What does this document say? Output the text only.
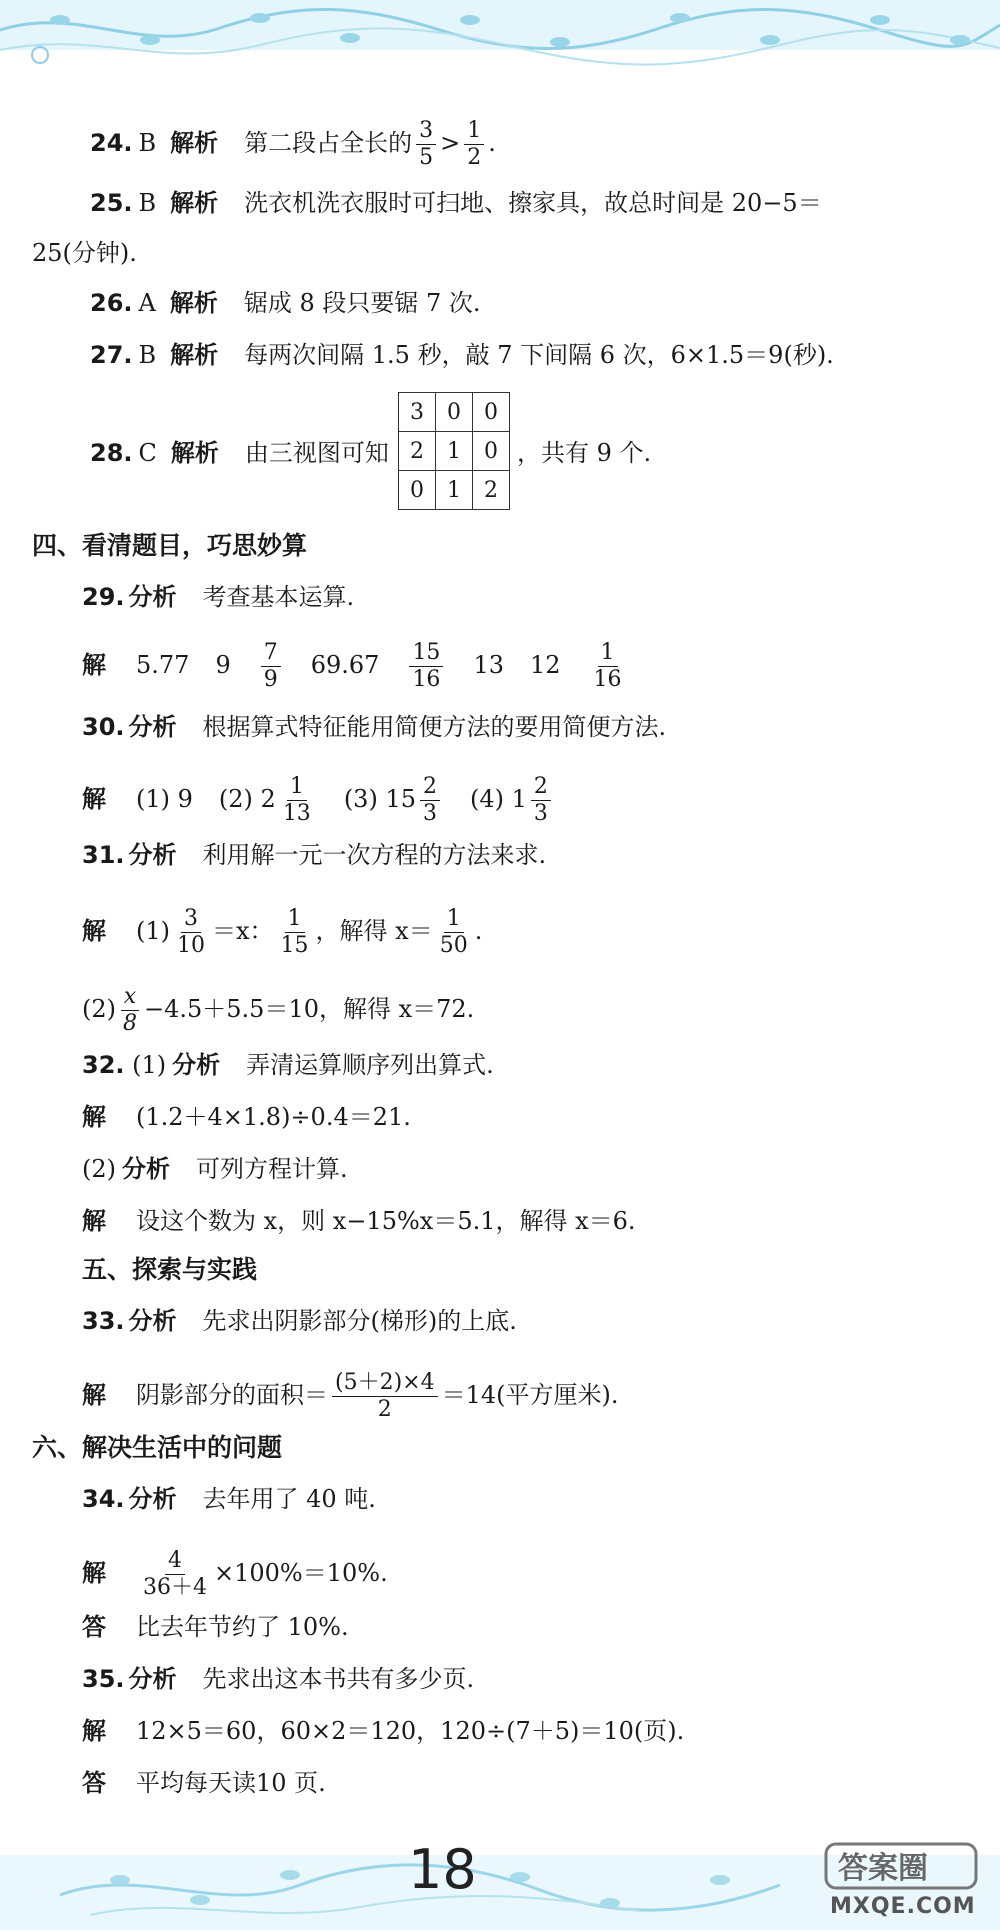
24. B 解析 第二段占全长的 $\frac{3}{5} > \frac{1}{2}$ .
25. B 解析 洗衣机洗衣服时可扫地、擦家具，故总时间是 20−5＝
25(分钟).
26. A 解析 锯成 8 段只要锯 7 次.
27. B 解析 每两次间隔 1.5 秒，敲 7 下间隔 6 次，6×1.5＝9(秒).
28. C 解析 由三视图可知
3	0	0
2	1	0
0	1	2
，共有 9 个.
四、看清题目，巧思妙算
29. 分析 考查基本运算.
解 5.77 $9 \frac{7}{9} 69.67 \frac{15}{16} 13$ $12 \frac{1}{16}$
30. 分析 根据算式特征能用简便方法的要用简便方法.
解 (1) 9 (2) $2 \frac{1}{13} (3)$ $15 \frac{2}{3} (4)$ $1 \frac{2}{3}$
31. 分析 利用解一元一次方程的方法来求.
解 $(1) \frac{3}{10} =x$： $\frac{1}{15}$ ，解得 $x= \frac{1}{50}$ .
$(2) \frac{x}{8} -4.5+5.5=10$，解得 x＝72.
32. (1) 分析 弄清运算顺序列出算式.
解 (1.2＋4×1.8)÷0.4＝21.
(2) 分析 可列方程计算.
解 设这个数为 x，则 x−15%x＝5.1，解得 x＝6.
五、探索与实践
33. 分析 先求出阴影部分(梯形)的上底.
解 阴影部分的面积＝ $\frac{(5+2)\times 4}{2} =14$(平方厘米).
六、解决生活中的问题
34. 分析 去年用了 40 吨.
解 $\frac{4}{36+4} \times 100\%=10\%$.
答 比去年节约了 10%.
35. 分析 先求出这本书共有多少页.
解 12×5＝60，60×2＝120，120÷(7＋5)＝10(页).
答 平均每天读10 页.
18	答案圈
MXQE.COM
